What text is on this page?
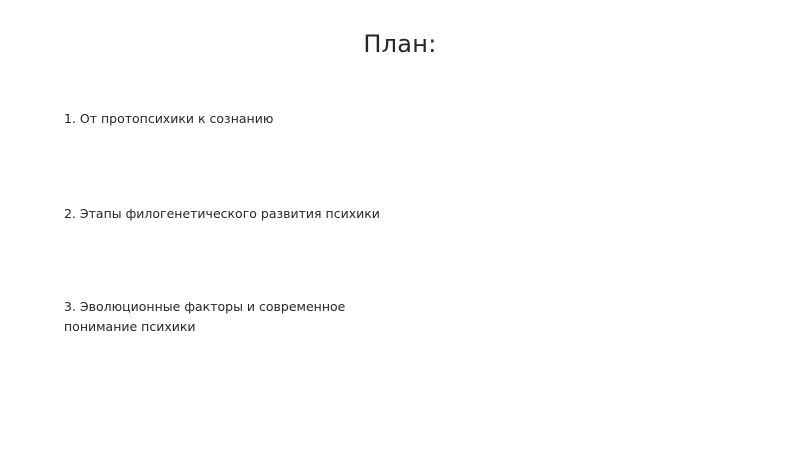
План:

1. От протопсихики к сознанию

2. Этапы филогенетического развития психики

3. Эволюционные факторы и современное понимание психики
